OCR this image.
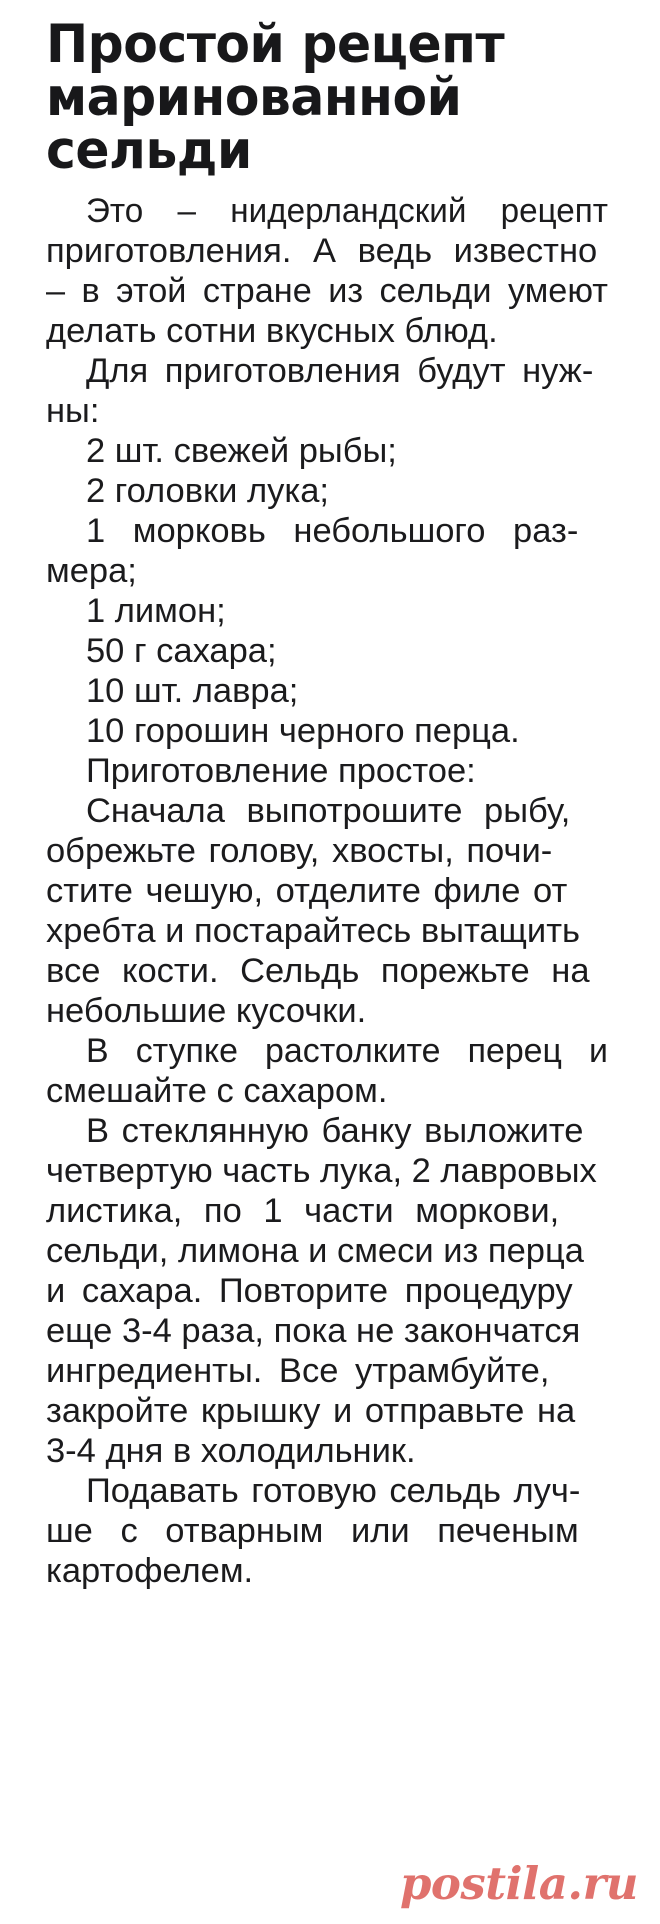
Простой рецепт
маринованной
сельди

Это – нидерландский рецепт
приготовления. А ведь известно
– в этой стране из сельди умеют
делать сотни вкусных блюд.

Для приготовления будут нуж-
ны:

2 шт. свежей рыбы;

2 головки лука;

1 морковь небольшого раз-
мера;

1 лимон;

50 г сахара;

10 шт. лавра;

10 горошин черного перца.

Приготовление простое:

Сначала выпотрошите рыбу,
обрежьте голову, хвосты, почи-
стите чешую, отделите филе от
хребта и постарайтесь вытащить
все кости. Сельдь порежьте на
небольшие кусочки.

В ступке растолките перец и
смешайте с сахаром.

В стеклянную банку выложите
четвертую часть лука, 2 лавровых
листика, по 1 части моркови,
сельди, лимона и смеси из перца
и сахара. Повторите процедуру
еще 3-4 раза, пока не закончатся
ингредиенты. Все утрамбуйте,
закройте крышку и отправьте на
3-4 дня в холодильник.

Подавать готовую сельдь луч-
ше с отварным или печеным
картофелем.

postila.ru
